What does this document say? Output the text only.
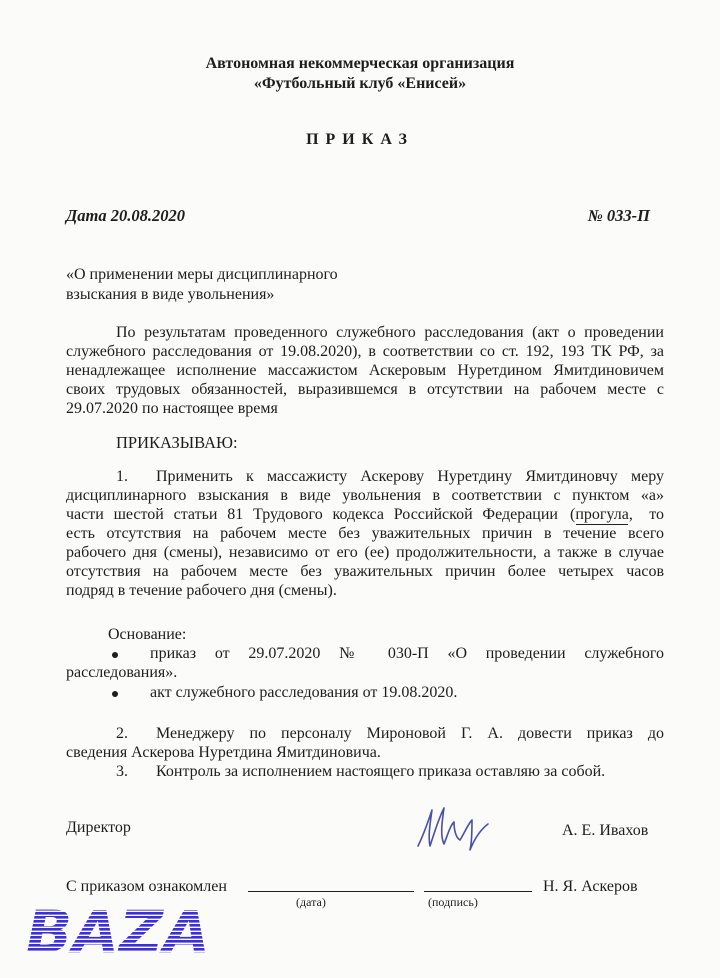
Автономная некоммерческая организация
«Футбольный клуб «Енисей»
ПРИКАЗ
Дата 20.08.2020	№ 033-П
«О применении меры дисциплинарного
взыскания в виде увольнения»
По результатам проведенного служебного расследования (акт о проведении
служебного расследования от 19.08.2020), в соответствии со ст. 192, 193 ТК РФ, за
ненадлежащее исполнение массажистом Аскеровым Нуретдином Ямитдиновичем
своих трудовых обязанностей, выразившемся в отсутствии на рабочем месте с
29.07.2020 по настоящее время
ПРИКАЗЫВАЮ:
1. Применить к массажисту Аскерову Нуретдину Ямитдиновчу меру
дисциплинарного взыскания в виде увольнения в соответствии с пунктом «а»
части шестой статьи 81 Трудового кодекса Российской Федерации (прогула, то
есть отсутствия на рабочем месте без уважительных причин в течение всего
рабочего дня (смены), независимо от его (ее) продолжительности, а также в случае
отсутствия на рабочем месте без уважительных причин более четырех часов
подряд в течение рабочего дня (смены).
Основание:
приказ от 29.07.2020 № 030-П «О проведении служебного
расследования».
акт служебного расследования от 19.08.2020.
2. Менеджеру по персоналу Мироновой Г. А. довести приказ до
сведения Аскерова Нуретдина Ямитдиновича.
3. Контроль за исполнением настоящего приказа оставляю за собой.
Директор	А. Е. Ивахов
С приказом ознакомлен
(дата)	(подпись)
Н. Я. Аскеров
BAZA
